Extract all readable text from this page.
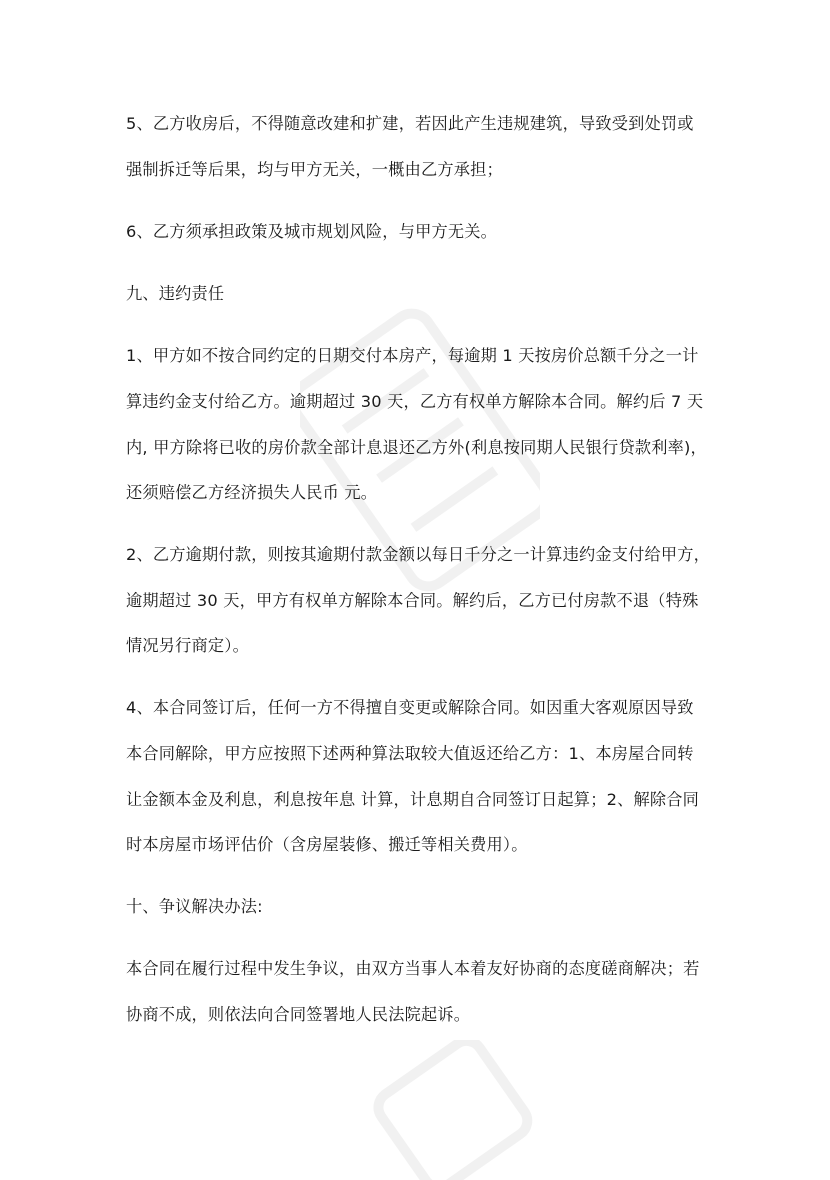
5、乙方收房后，不得随意改建和扩建，若因此产生违规建筑，导致受到处罚或
强制拆迁等后果，均与甲方无关，一概由乙方承担；
6、乙方须承担政策及城市规划风险，与甲方无关。
九、违约责任
1、甲方如不按合同约定的日期交付本房产，每逾期 1 天按房价总额千分之一计
算违约金支付给乙方。逾期超过 30 天，乙方有权单方解除本合同。解约后 7 天
内, 甲方除将已收的房价款全部计息退还乙方外(利息按同期人民银行贷款利率)，
还须赔偿乙方经济损失人民币 元。
2、乙方逾期付款，则按其逾期付款金额以每日千分之一计算违约金支付给甲方，
逾期超过 30 天，甲方有权单方解除本合同。解约后，乙方已付房款不退（特殊
情况另行商定）。
4、本合同签订后，任何一方不得擅自变更或解除合同。如因重大客观原因导致
本合同解除，甲方应按照下述两种算法取较大值返还给乙方：1、本房屋合同转
让金额本金及利息，利息按年息 计算，计息期自合同签订日起算；2、解除合同
时本房屋市场评估价（含房屋装修、搬迁等相关费用）。
十、争议解决办法:
本合同在履行过程中发生争议，由双方当事人本着友好协商的态度磋商解决；若
协商不成，则依法向合同签署地人民法院起诉。
